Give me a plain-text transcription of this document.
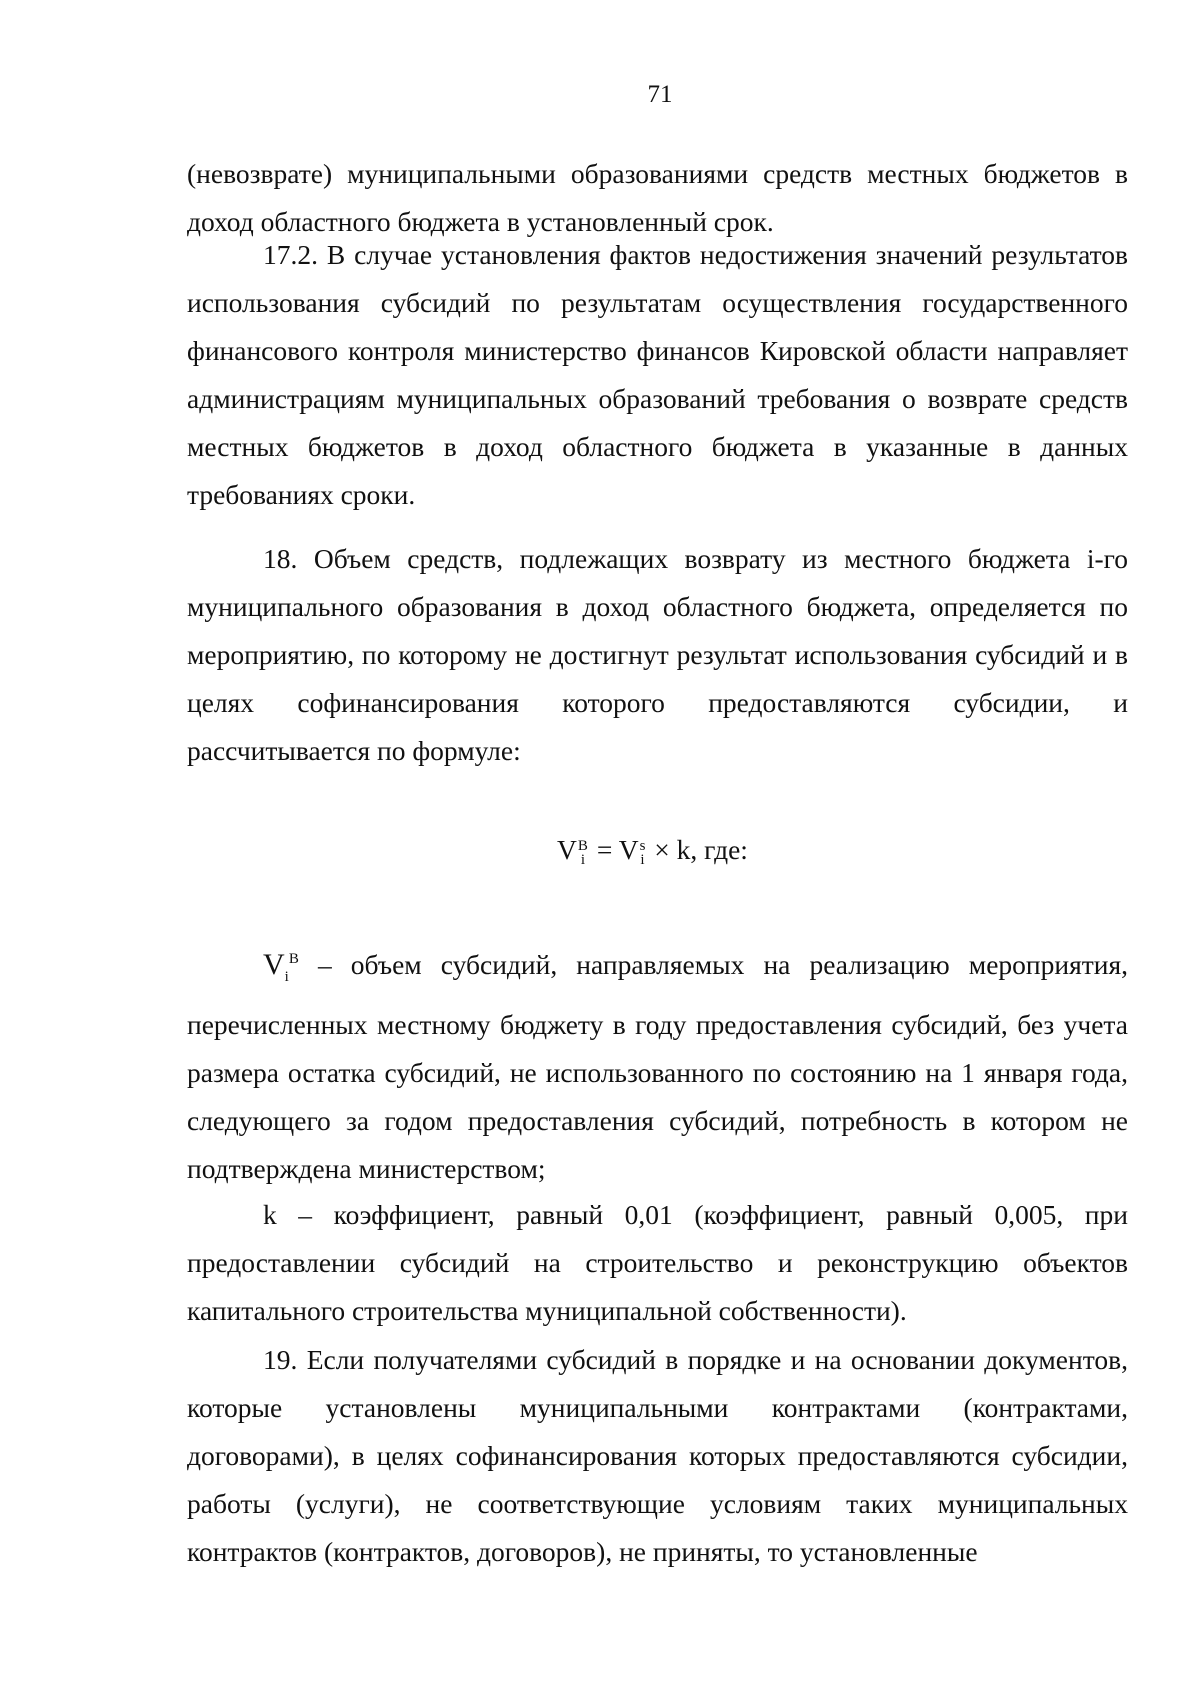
71

(невозврате) муниципальными образованиями средств местных бюджетов в доход областного бюджета в установленный срок.

17.2. В случае установления фактов недостижения значений результатов использования субсидий по результатам осуществления государственного финансового контроля министерство финансов Кировской области направляет администрациям муниципальных образований требования о возврате средств местных бюджетов в доход областного бюджета в указанные в данных требованиях сроки.

18. Объем средств, подлежащих возврату из местного бюджета i-го муниципального образования в доход областного бюджета, определяется по мероприятию, по которому не достигнут результат использования субсидий и в целях софинансирования которого предоставляются субсидии, и рассчитывается по формуле:

V B
i = V s
i × k, где:

$V_i^B$ – объем субсидий, направляемых на реализацию мероприятия, перечисленных местному бюджету в году предоставления субсидий, без учета размера остатка субсидий, не использованного по состоянию на 1 января года, следующего за годом предоставления субсидий, потребность в котором не подтверждена министерством;

k – коэффициент, равный 0,01 (коэффициент, равный 0,005, при предоставлении субсидий на строительство и реконструкцию объектов капитального строительства муниципальной собственности).

19. Если получателями субсидий в порядке и на основании документов, которые установлены муниципальными контрактами (контрактами, договорами), в целях софинансирования которых предоставляются субсидии, работы (услуги), не соответствующие условиям таких муниципальных контрактов (контрактов, договоров), не приняты, то установленные
